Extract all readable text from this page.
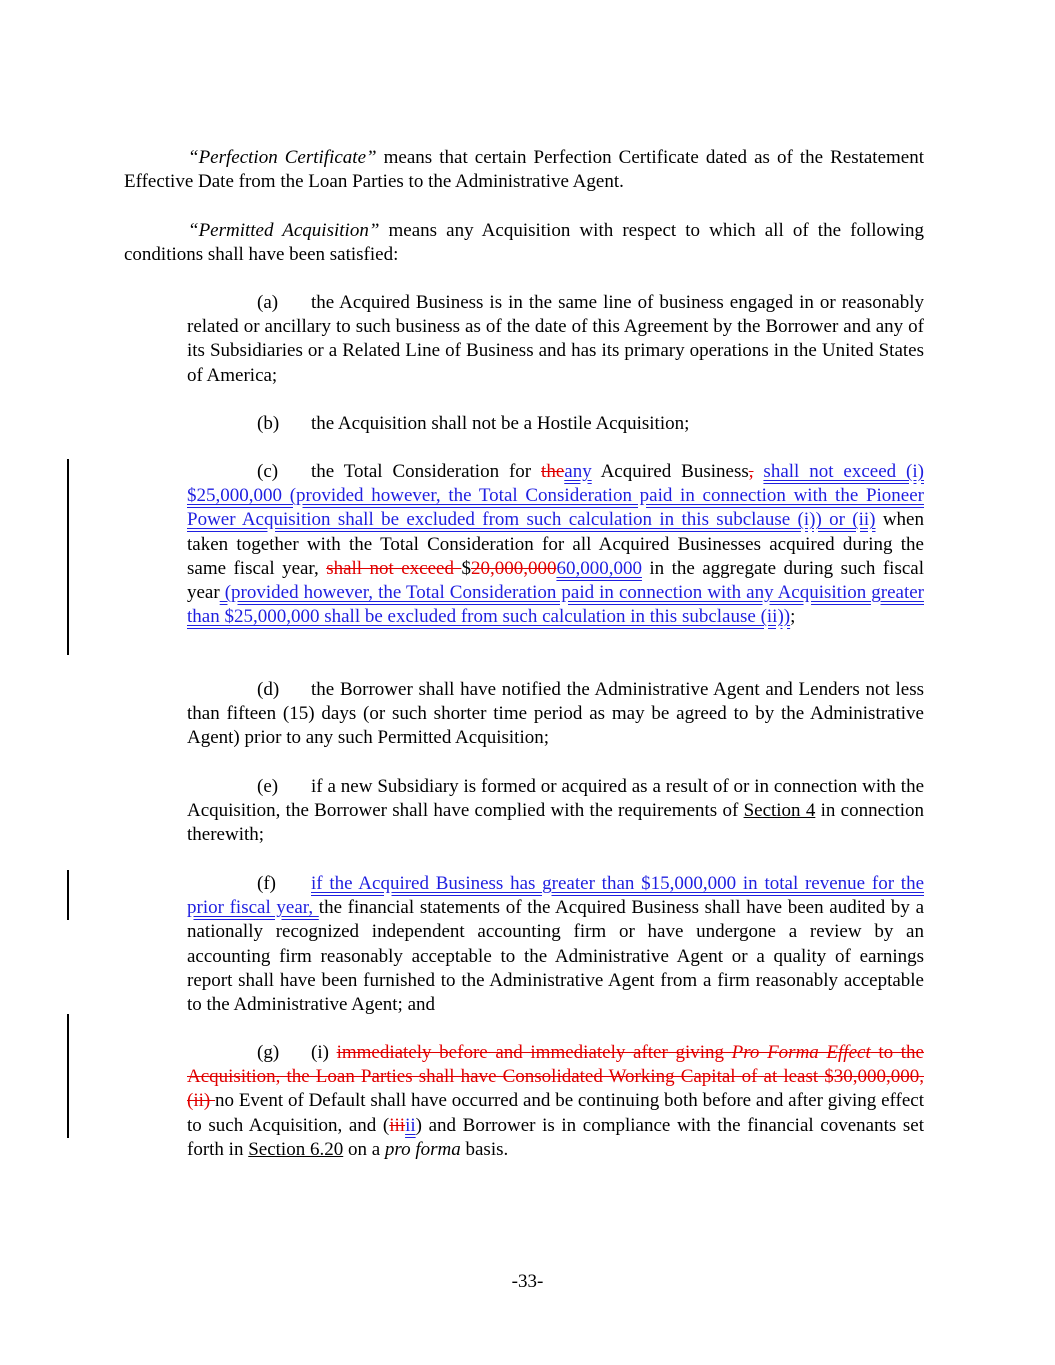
“Perfection Certificate” means that certain Perfection Certificate dated as of the Restatement Effective Date from the Loan Parties to the Administrative Agent.
“Permitted Acquisition” means any Acquisition with respect to which all of the following conditions shall have been satisfied:
(a) the Acquired Business is in the same line of business engaged in or reasonably related or ancillary to such business as of the date of this Agreement by the Borrower and any of its Subsidiaries or a Related Line of Business and has its primary operations in the United States of America;
(b) the Acquisition shall not be a Hostile Acquisition;
(c) the Total Consideration for theany Acquired Business, shall not exceed (i) $25,000,000 (provided however, the Total Consideration paid in connection with the Pioneer Power Acquisition shall be excluded from such calculation in this subclause (i)) or (ii) when taken together with the Total Consideration for all Acquired Businesses acquired during the same fiscal year, shall not exceed $20,000,00060,000,000 in the aggregate during such fiscal year (provided however, the Total Consideration paid in connection with any Acquisition greater than $25,000,000 shall be excluded from such calculation in this subclause (ii));
(d) the Borrower shall have notified the Administrative Agent and Lenders not less than fifteen (15) days (or such shorter time period as may be agreed to by the Administrative Agent) prior to any such Permitted Acquisition;
(e) if a new Subsidiary is formed or acquired as a result of or in connection with the Acquisition, the Borrower shall have complied with the requirements of Section 4 in connection therewith;
(f) if the Acquired Business has greater than $15,000,000 in total revenue for the prior fiscal year, the financial statements of the Acquired Business shall have been audited by a nationally recognized independent accounting firm or have undergone a review by an accounting firm reasonably acceptable to the Administrative Agent or a quality of earnings report shall have been furnished to the Administrative Agent from a firm reasonably acceptable to the Administrative Agent; and
(g) (i) immediately before and immediately after giving Pro Forma Effect to the Acquisition, the Loan Parties shall have Consolidated Working Capital of at least $30,000,000, (ii) no Event of Default shall have occurred and be continuing both before and after giving effect to such Acquisition, and (iiiii) and Borrower is in compliance with the financial covenants set forth in Section 6.20 on a pro forma basis.
-33-
